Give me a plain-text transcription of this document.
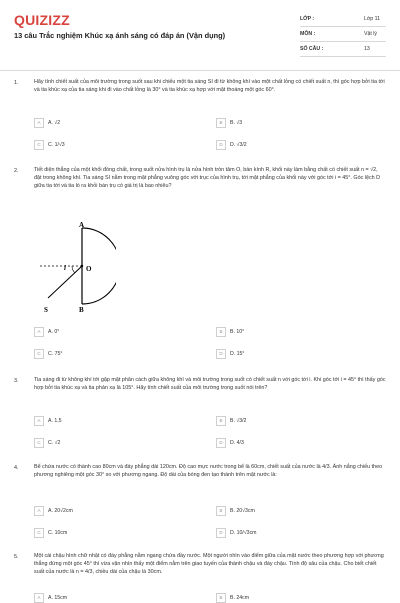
QUIZIZZ
13 câu Trắc nghiệm Khúc xạ ánh sáng có đáp án (Vận dụng)
LỚP :	Lớp 11
MÔN :	Vật lý
SỐ CÂU :	13
1.	Hãy tính chiết suất của môi trường trong suốt sau khi chiếu một tia sáng SI đi từ không khí vào một chất lỏng có chiết suất n, thì góc hợp bởi tia tới và tia khúc xạ của tia sáng khi đi vào chất lỏng là 30° và tia khúc xạ hợp với mặt thoáng một góc 60°.
A A. √2	B B. √3
C C. 1/√3	D D. √3/2
2.	Tiết diện thẳng của một khối đồng chất, trong suốt nửa hình trụ là nửa hình tròn tâm O, bán kính R, khối này làm bằng chất có chiết suất n = √2, đặt trong không khí. Tia sáng SI nằm trong mặt phẳng vuông góc với trục của hình trụ, tới mặt phẳng của khối này với góc tới i = 45°. Góc lệch D giữa tia tới và tia ló ra khỏi bán trụ có giá trị là bao nhiêu?
A
S	B
i	O
A A. 0°	B B. 10°
C C. 75°	D D. 15°
3.	Tia sáng đi từ không khí tới gặp mặt phân cách giữa không khí và môi trường trong suốt có chiết suất n với góc tới i. Khi góc tới i = 45° thì thấy góc hợp bởi tia khúc xạ và tia phản xạ là 105°. Hãy tính chiết suất của môi trường trong suốt nói trên?
A A. 1,5	B B. √3/2
C C. √2	D D. 4/3
4.	Bể chứa nước có thành cao 80cm và đáy phẳng dài 120cm. Độ cao mực nước trong bể là 60cm, chiết suất của nước là 4/3. Ánh nắng chiếu theo phương nghiêng một góc 30° so với phương ngang. Độ dài của bóng đen tạo thành trên mặt nước là:
A A. 20√2cm	B B. 20√3cm
C C. 10cm	D D. 10/√3cm
5.	Một cái chậu hình chữ nhật có đáy phẳng nằm ngang chứa đầy nước. Một người nhìn vào điểm giữa của mặt nước theo phương hợp với phương thẳng đứng một góc 45° thì vừa vặn nhìn thấy một điểm nằm trên giao tuyến của thành chậu và đáy chậu. Tính độ sâu của chậu. Cho biết chiết suất của nước là n = 4/3, chiều dài của chậu là 30cm.
A A. 15cm	B B. 24cm
